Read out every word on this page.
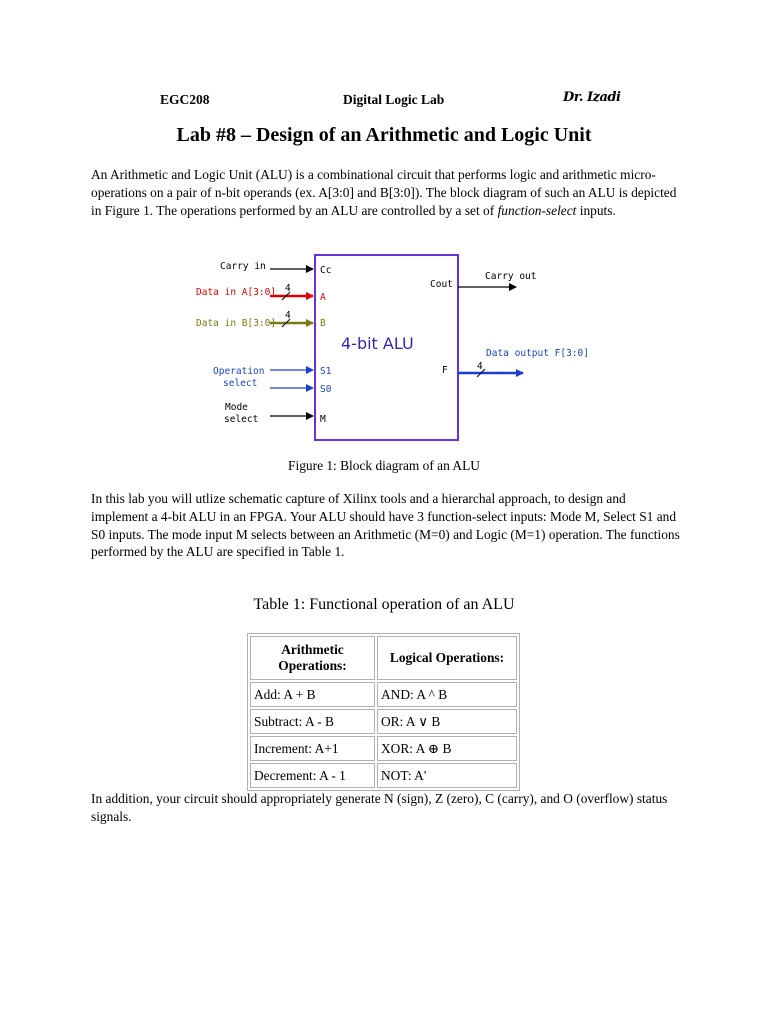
EGC208	Digital Logic Lab	Dr. Izadi
Lab #8 – Design of an Arithmetic and Logic Unit
An Arithmetic and Logic Unit (ALU) is a combinational circuit that performs logic and arithmetic micro-operations on a pair of n-bit operands (ex. A[3:0] and B[3:0]). The block diagram of such an ALU is depicted in Figure 1. The operations performed by an ALU are controlled by a set of function-select inputs.
4-bit ALU
Carry in	Cc
Data in A[3:0] 4
A
Data in B[3:0]
4
B
Operation
select
S1
S0
Mode
select	M
Cout
Carry out
F	4
Data output F[3:0]
Figure 1: Block diagram of an ALU
In this lab you will utlize schematic capture of Xilinx tools and a hierarchal approach, to design and implement a 4-bit ALU in an FPGA. Your ALU should have 3 function-select inputs: Mode M, Select S1 and S0 inputs. The mode input M selects between an Arithmetic (M=0) and Logic (M=1) operation. The functions performed by the ALU are specified in Table 1.
Table 1: Functional operation of an ALU
Arithmetic Operations:	Logical Operations:
Add: A + B	AND: A ^ B
Subtract: A - B	OR: A ∨ B
Increment: A+1	XOR: A ⊕ B
Decrement: A - 1	NOT: A'
In addition, your circuit should appropriately generate N (sign), Z (zero), C (carry), and O (overflow) status signals.
